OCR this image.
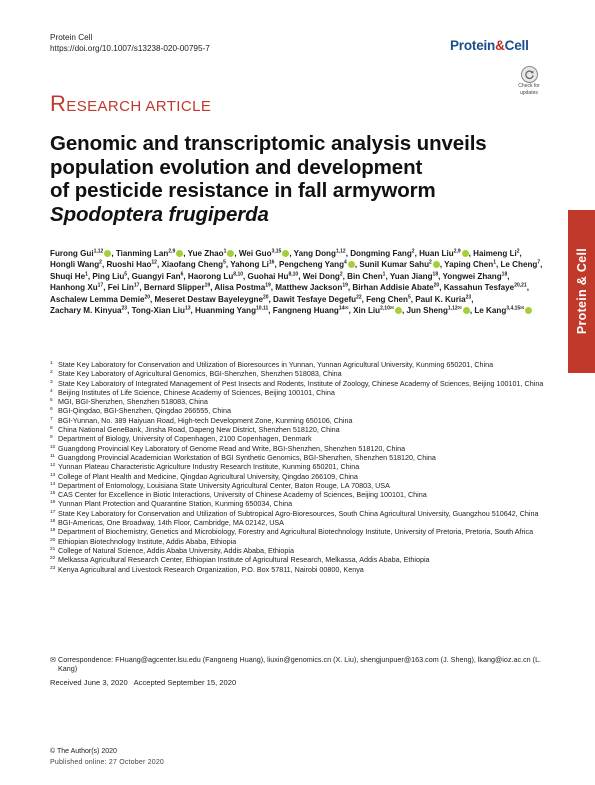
Protein Cell
https://doi.org/10.1007/s13238-020-00795-7	Protein&Cell
Check for
updates
RESEARCH ARTICLE
Genomic and transcriptomic analysis unveils
population evolution and development
of pesticide resistance in fall armyworm
Spodoptera frugiperda
Furong Gui$^{1,12}$ , Tianming Lan$^{2,9}$ , Yue Zhao$^1$ , Wei Guo$^{3,15}$ , Yang Dong$^{1,12}$, Dongming Fang$^2$, Huan Liu$^{2,9}$ , Haimeng Li$^2$, Hongli Wang$^2$, Ruoshi Hao$^{12}$, Xiaofang Cheng$^5$, Yahong Li$^{16}$, Pengcheng Yang$^4$ , Sunil Kumar Sahu$^2$ , Yaping Chen$^1$, Le Cheng$^7$, Shuqi He$^1$, Ping Liu$^5$, Guangyi Fan$^6$, Haorong Lu$^{8,10}$, Guohai Hu$^{8,10}$, Wei Dong$^2$, Bin Chen$^1$, Yuan Jiang$^{18}$, Yongwei Zhang$^{18}$, Hanhong Xu$^{17}$, Fei Lin$^{17}$, Bernard Slipper$^{19}$, Alisa Postma$^{19}$, Matthew Jackson$^{19}$, Birhan Addisie Abate$^{20}$, Kassahun Tesfaye$^{20,21}$, Aschalew Lemma Demie$^{20}$, Meseret Destaw Bayeleygne$^{20}$, Dawit Tesfaye Degefu$^{22}$, Feng Chen$^5$, Paul K. Kuria$^{23}$, Zachary M. Kinyua$^{23}$, Tong-Xian Liu$^{13}$, Huanming Yang$^{10,11}$, Fangneng Huang$^{14✉}$, Xin Liu$^{2,10✉}$ , Jun Sheng$^{1,12✉}$ , Le Kang$^{3,4,15✉}$
1 State Key Laboratory for Conservation and Utilization of Bioresources in Yunnan, Yunnan Agricultural University, Kunming 650201, China
2 State Key Laboratory of Agricultural Genomics, BGI-Shenzhen, Shenzhen 518083, China
3 State Key Laboratory of Integrated Management of Pest Insects and Rodents, Institute of Zoology, Chinese Academy of Sciences, Beijing 100101, China
4 Beijing Institutes of Life Science, Chinese Academy of Sciences, Beijing 100101, China
5 MGI, BGI-Shenzhen, Shenzhen 518083, China
6 BGI-Qingdao, BGI-Shenzhen, Qingdao 266555, China
7 BGI-Yunnan, No. 389 Haiyuan Road, High-tech Development Zone, Kunming 650106, China
8 China National GeneBank, Jinsha Road, Dapeng New District, Shenzhen 518120, China
9 Department of Biology, University of Copenhagen, 2100 Copenhagen, Denmark
10 Guangdong Provincial Key Laboratory of Genome Read and Write, BGI-Shenzhen, Shenzhen 518120, China
11 Guangdong Provincial Academician Workstation of BGI Synthetic Genomics, BGI-Shenzhen, Shenzhen 518120, China
12 Yunnan Plateau Characteristic Agriculture Industry Research Institute, Kunming 650201, China
13 College of Plant Health and Medicine, Qingdao Agricultural University, Qingdao 266109, China
14 Department of Entomology, Louisiana State University Agricultural Center, Baton Rouge, LA 70803, USA
15 CAS Center for Excellence in Biotic Interactions, University of Chinese Academy of Sciences, Beijing 100101, China
16 Yunnan Plant Protection and Quarantine Station, Kunming 650034, China
17 State Key Laboratory for Conservation and Utilization of Subtropical Agro-Bioresources, South China Agricultural University, Guangzhou 510642, China
18 BGI-Americas, One Broadway, 14th Floor, Cambridge, MA 02142, USA
19 Department of Biochemistry, Genetics and Microbiology, Forestry and Agricultural Biotechnology Institute, University of Pretoria, Pretoria, South Africa
20 Ethiopian Biotechnology Institute, Addis Ababa, Ethiopia
21 College of Natural Science, Addis Ababa University, Addis Ababa, Ethiopia
22 Melkassa Agricultural Research Center, Ethiopian Institute of Agricultural Research, Melkassa, Addis Ababa, Ethiopia
23 Kenya Agricultural and Livestock Research Organization, P.O. Box 57811, Nairobi 00800, Kenya
✉ Correspondence: FHuang@agcenter.lsu.edu (Fangneng Huang), liuxin@genomics.cn (X. Liu), shengjunpuer@163.com (J. Sheng), lkang@ioz.ac.cn (L. Kang)
Received June 3, 2020   Accepted September 15, 2020
Protein & Cell
© The Author(s) 2020
Published online: 27 October 2020
